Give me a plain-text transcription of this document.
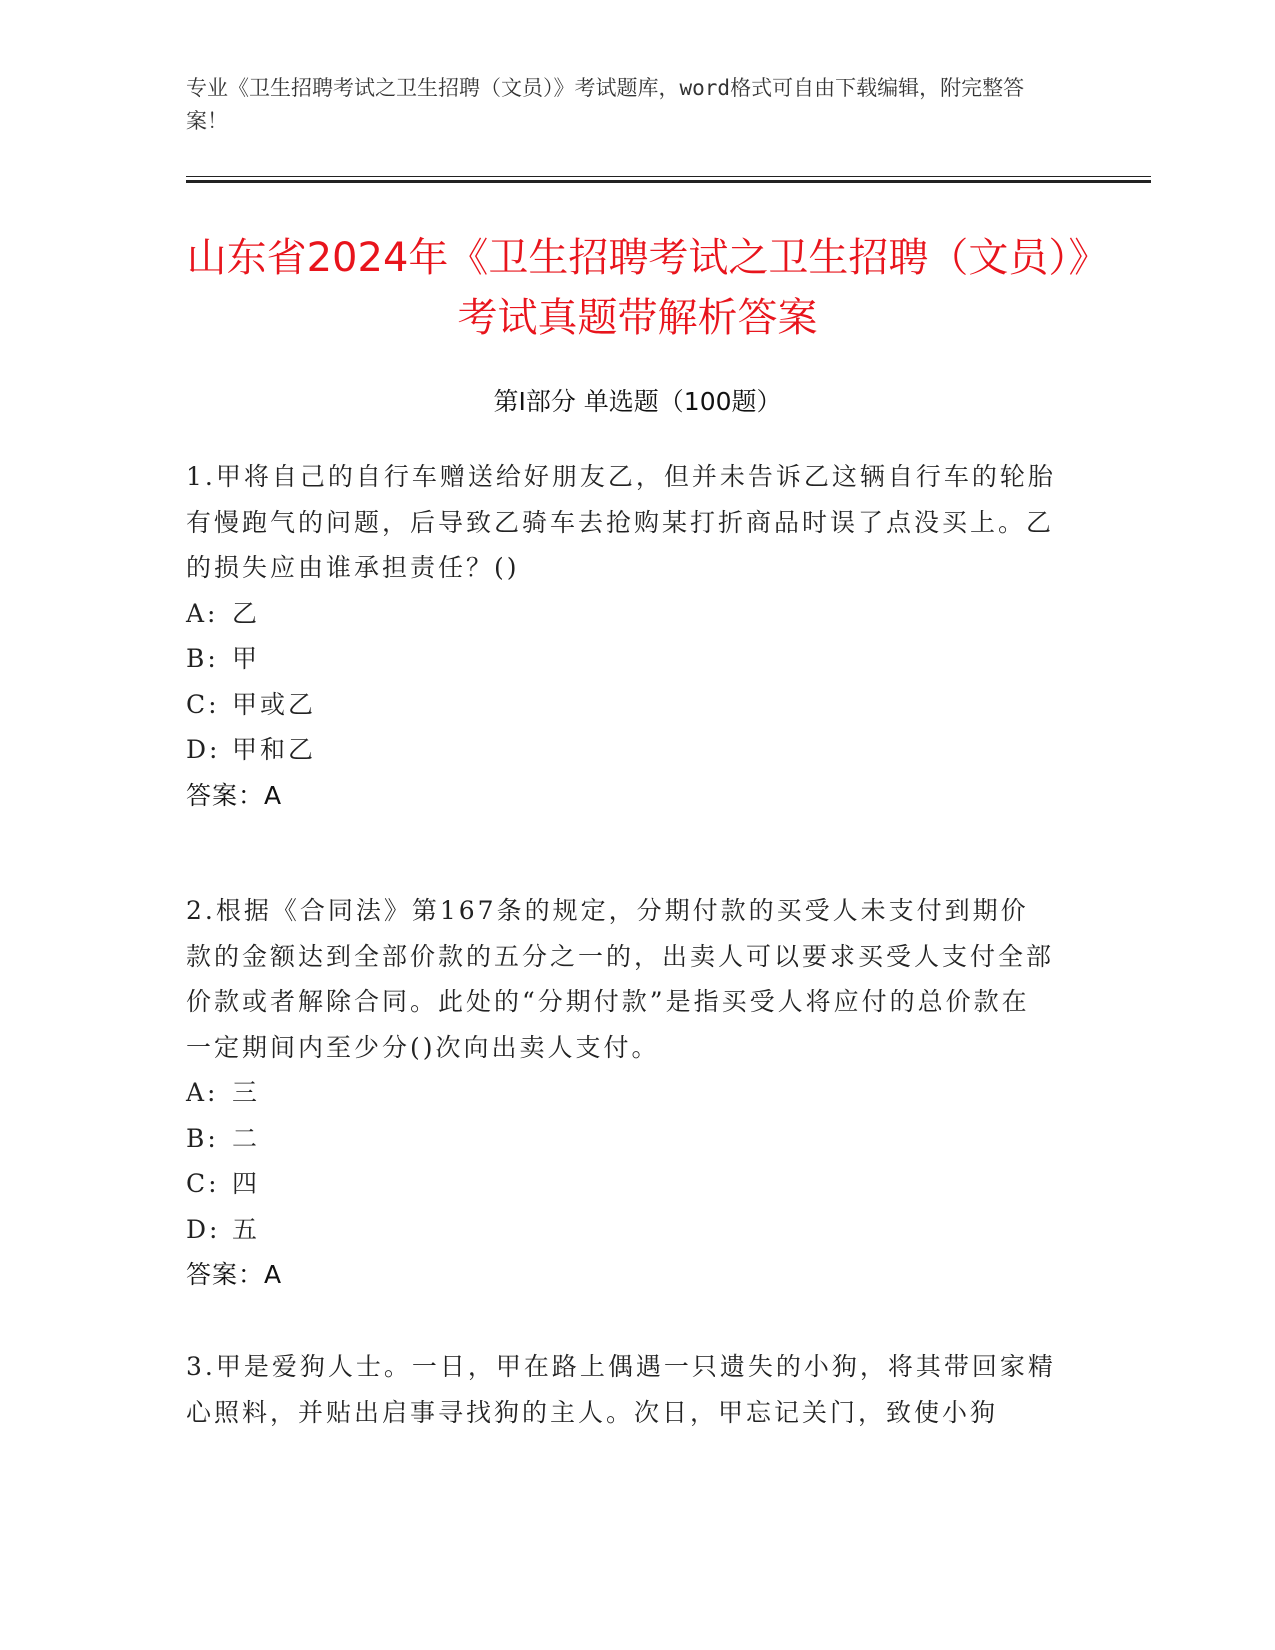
专业《卫生招聘考试之卫生招聘（文员）》考试题库，word格式可自由下载编辑，附完整答案！
山东省2024年《卫生招聘考试之卫生招聘（文员）》考试真题带解析答案
第Ⅰ部分 单选题（100题）

1.甲将自己的自行车赠送给好朋友乙，但并未告诉乙这辆自行车的轮胎有慢跑气的问题，后导致乙骑车去抢购某打折商品时误了点没买上。乙的损失应由谁承担责任？()

A: 乙
B: 甲
C: 甲或乙
D: 甲和乙

答案：A

2.根据《合同法》第167条的规定，分期付款的买受人未支付到期价款的金额达到全部价款的五分之一的，出卖人可以要求买受人支付全部价款或者解除合同。此处的“分期付款”是指买受人将应付的总价款在一定期间内至少分()次向出卖人支付。

A: 三
B: 二
C: 四
D: 五

答案：A

3.甲是爱狗人士。一日，甲在路上偶遇一只遗失的小狗，将其带回家精心照料，并贴出启事寻找狗的主人。次日，甲忘记关门，致使小狗
